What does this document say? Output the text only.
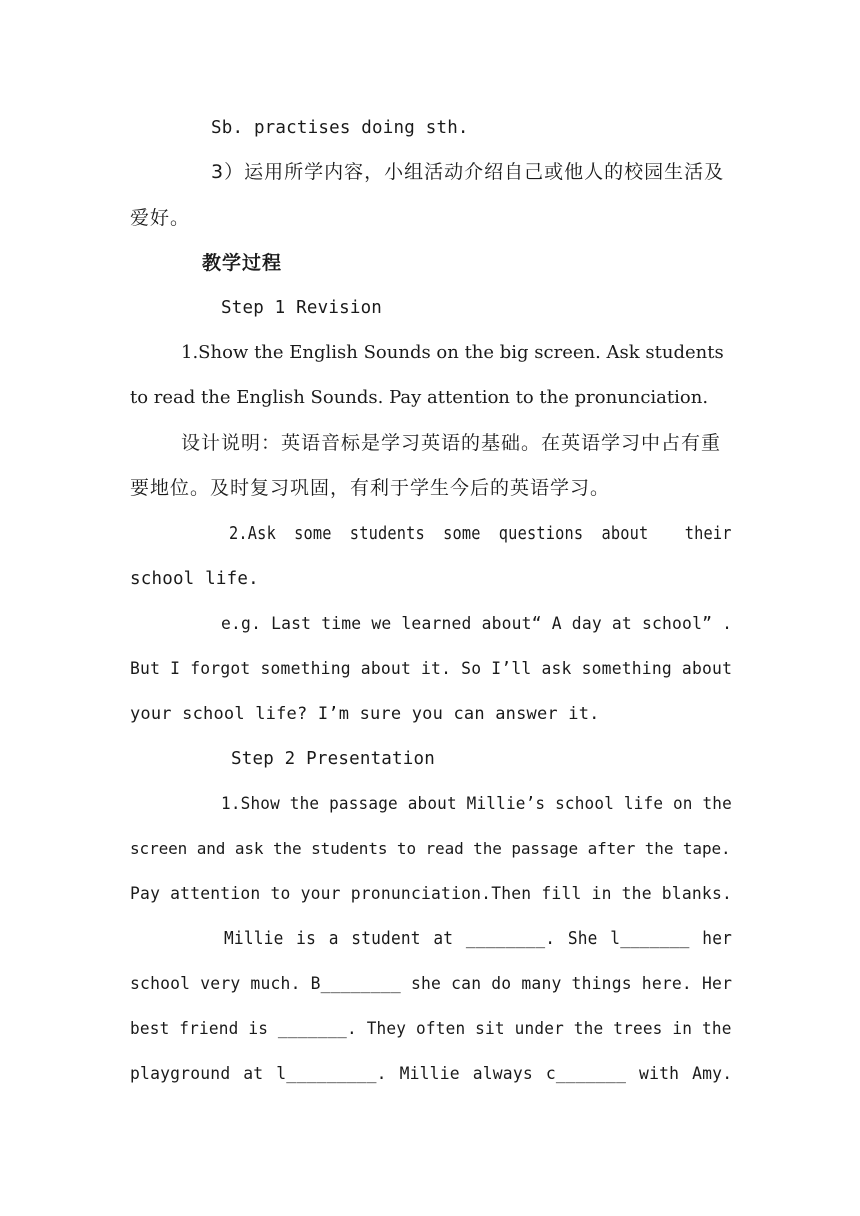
Sb. practises doing sth.
3）运用所学内容，小组活动介绍自己或他人的校园生活及
爱好。
教学过程
Step 1 Revision
1.Show the English Sounds on the big screen. Ask students
to read the English Sounds. Pay attention to the pronunciation.
设计说明：英语音标是学习英语的基础。在英语学习中占有重
要地位。及时复习巩固，有利于学生今后的英语学习。
2.Ask some students some questions about  their
school life.
e.g. Last time we learned about“ A day at school” .
But I forgot something about it. So I’ll ask something about
your school life? I’m sure you can answer it.
Step 2 Presentation
1.Show the passage about Millie’s school life on the
screen and ask the students to read the passage after the tape.
Pay attention to your pronunciation.Then fill in the blanks.
Millie is a student at ________. She l_______ her
school very much. B________ she can do many things here. Her
best friend is _______. They often sit under the trees in the
playground at l_________. Millie always c_______ with Amy.
